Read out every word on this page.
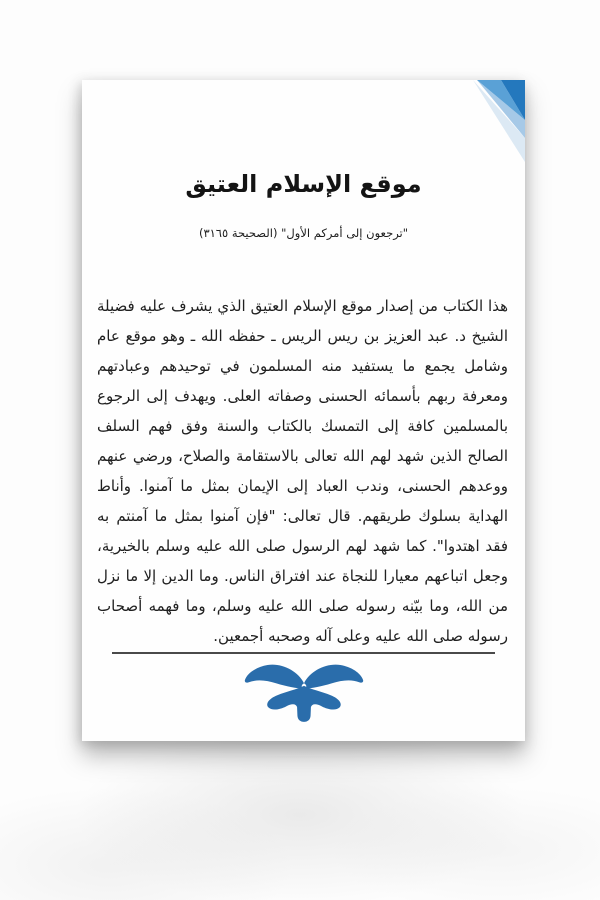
موقع الإسلام العتيق
"ترجعون إلى أمركم الأول" (الصحيحة ٣١٦٥)
هذا الكتاب من إصدار موقع الإسلام العتيق الذي يشرف عليه فضيلة الشيخ د. عبد العزيز بن ريس الريس ـ حفظه الله ـ وهو موقع عام وشامل يجمع ما يستفيد منه المسلمون في توحيدهم وعبادتهم ومعرفة ربهم بأسمائه الحسنى وصفاته العلى. ويهدف إلى الرجوع بالمسلمين كافة إلى التمسك بالكتاب والسنة وفق فهم السلف الصالح الذين شهد لهم الله تعالى بالاستقامة والصلاح، ورضي عنهم ووعدهم الحسنى، وندب العباد إلى الإيمان بمثل ما آمنوا. وأناط الهداية بسلوك طريقهم. قال تعالى: "فإن آمنوا بمثل ما آمنتم به فقد اهتدوا". كما شهد لهم الرسول صلى الله عليه وسلم بالخيرية، وجعل اتباعهم معيارا للنجاة عند افتراق الناس. وما الدين إلا ما نزل من الله، وما بيّنه رسوله صلى الله عليه وسلم، وما فهمه أصحاب رسوله صلى الله عليه وعلى آله وصحبه أجمعين.
